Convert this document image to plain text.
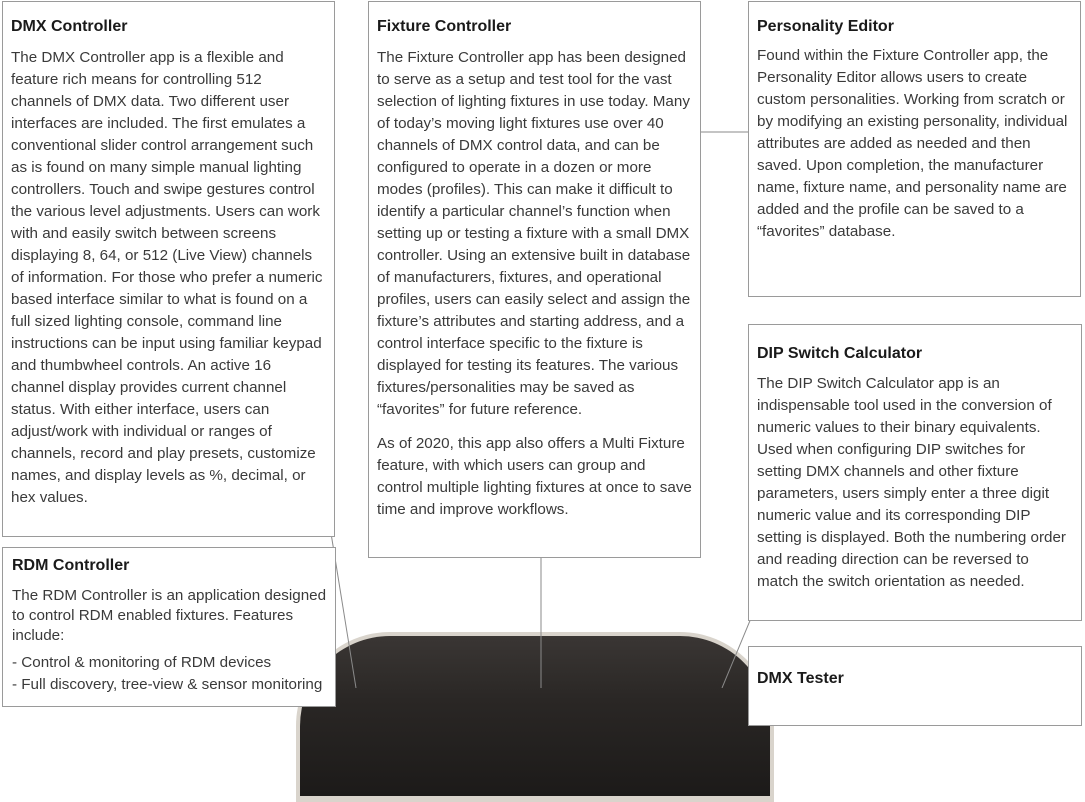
DMX Controller

The DMX Controller app is a flexible and feature rich means for controlling 512 channels of DMX data. Two different user interfaces are included. The first emulates a conventional slider control arrangement such as is found on many simple manual lighting controllers. Touch and swipe gestures control the various level adjustments. Users can work with and easily switch between screens displaying 8, 64, or 512 (Live View) channels of information. For those who prefer a numeric based interface similar to what is found on a full sized lighting console, command line instructions can be input using familiar keypad and thumbwheel controls. An active 16 channel display provides current channel status. With either interface, users can adjust/work with individual or ranges of channels, record and play presets, customize names, and display levels as %, decimal, or hex values.

Fixture Controller

The Fixture Controller app has been designed to serve as a setup and test tool for the vast selection of lighting fixtures in use today. Many of today’s moving light fixtures use over 40 channels of DMX control data, and can be configured to operate in a dozen or more modes (profiles). This can make it difficult to identify a particular channel’s function when setting up or testing a fixture with a small DMX controller. Using an extensive built in database of manufacturers, fixtures, and operational profiles, users can easily select and assign the fixture’s attributes and starting address, and a control interface specific to the fixture is displayed for testing its features. The various fixtures/personalities may be saved as “favorites” for future reference.

As of 2020, this app also offers a Multi Fixture feature, with which users can group and control multiple lighting fixtures at once to save time and improve workflows.

Personality Editor

Found within the Fixture Controller app, the Personality Editor allows users to create custom personalities. Working from scratch or by modifying an existing personality, individual attributes are added as needed and then saved. Upon completion, the manufacturer name, fixture name, and personality name are added and the profile can be saved to a “favorites” database.

DIP Switch Calculator

The DIP Switch Calculator app is an indispensable tool used in the conversion of numeric values to their binary equivalents. Used when configuring DIP switches for setting DMX channels and other fixture parameters, users simply enter a three digit numeric value and its corresponding DIP setting is displayed. Both the numbering order and reading direction can be reversed to match the switch orientation as needed.

RDM Controller

The RDM Controller is an application designed to control RDM enabled fixtures. Features include:

- Control & monitoring of RDM devices
- Full discovery, tree-view & sensor monitoring	DMX Tester
